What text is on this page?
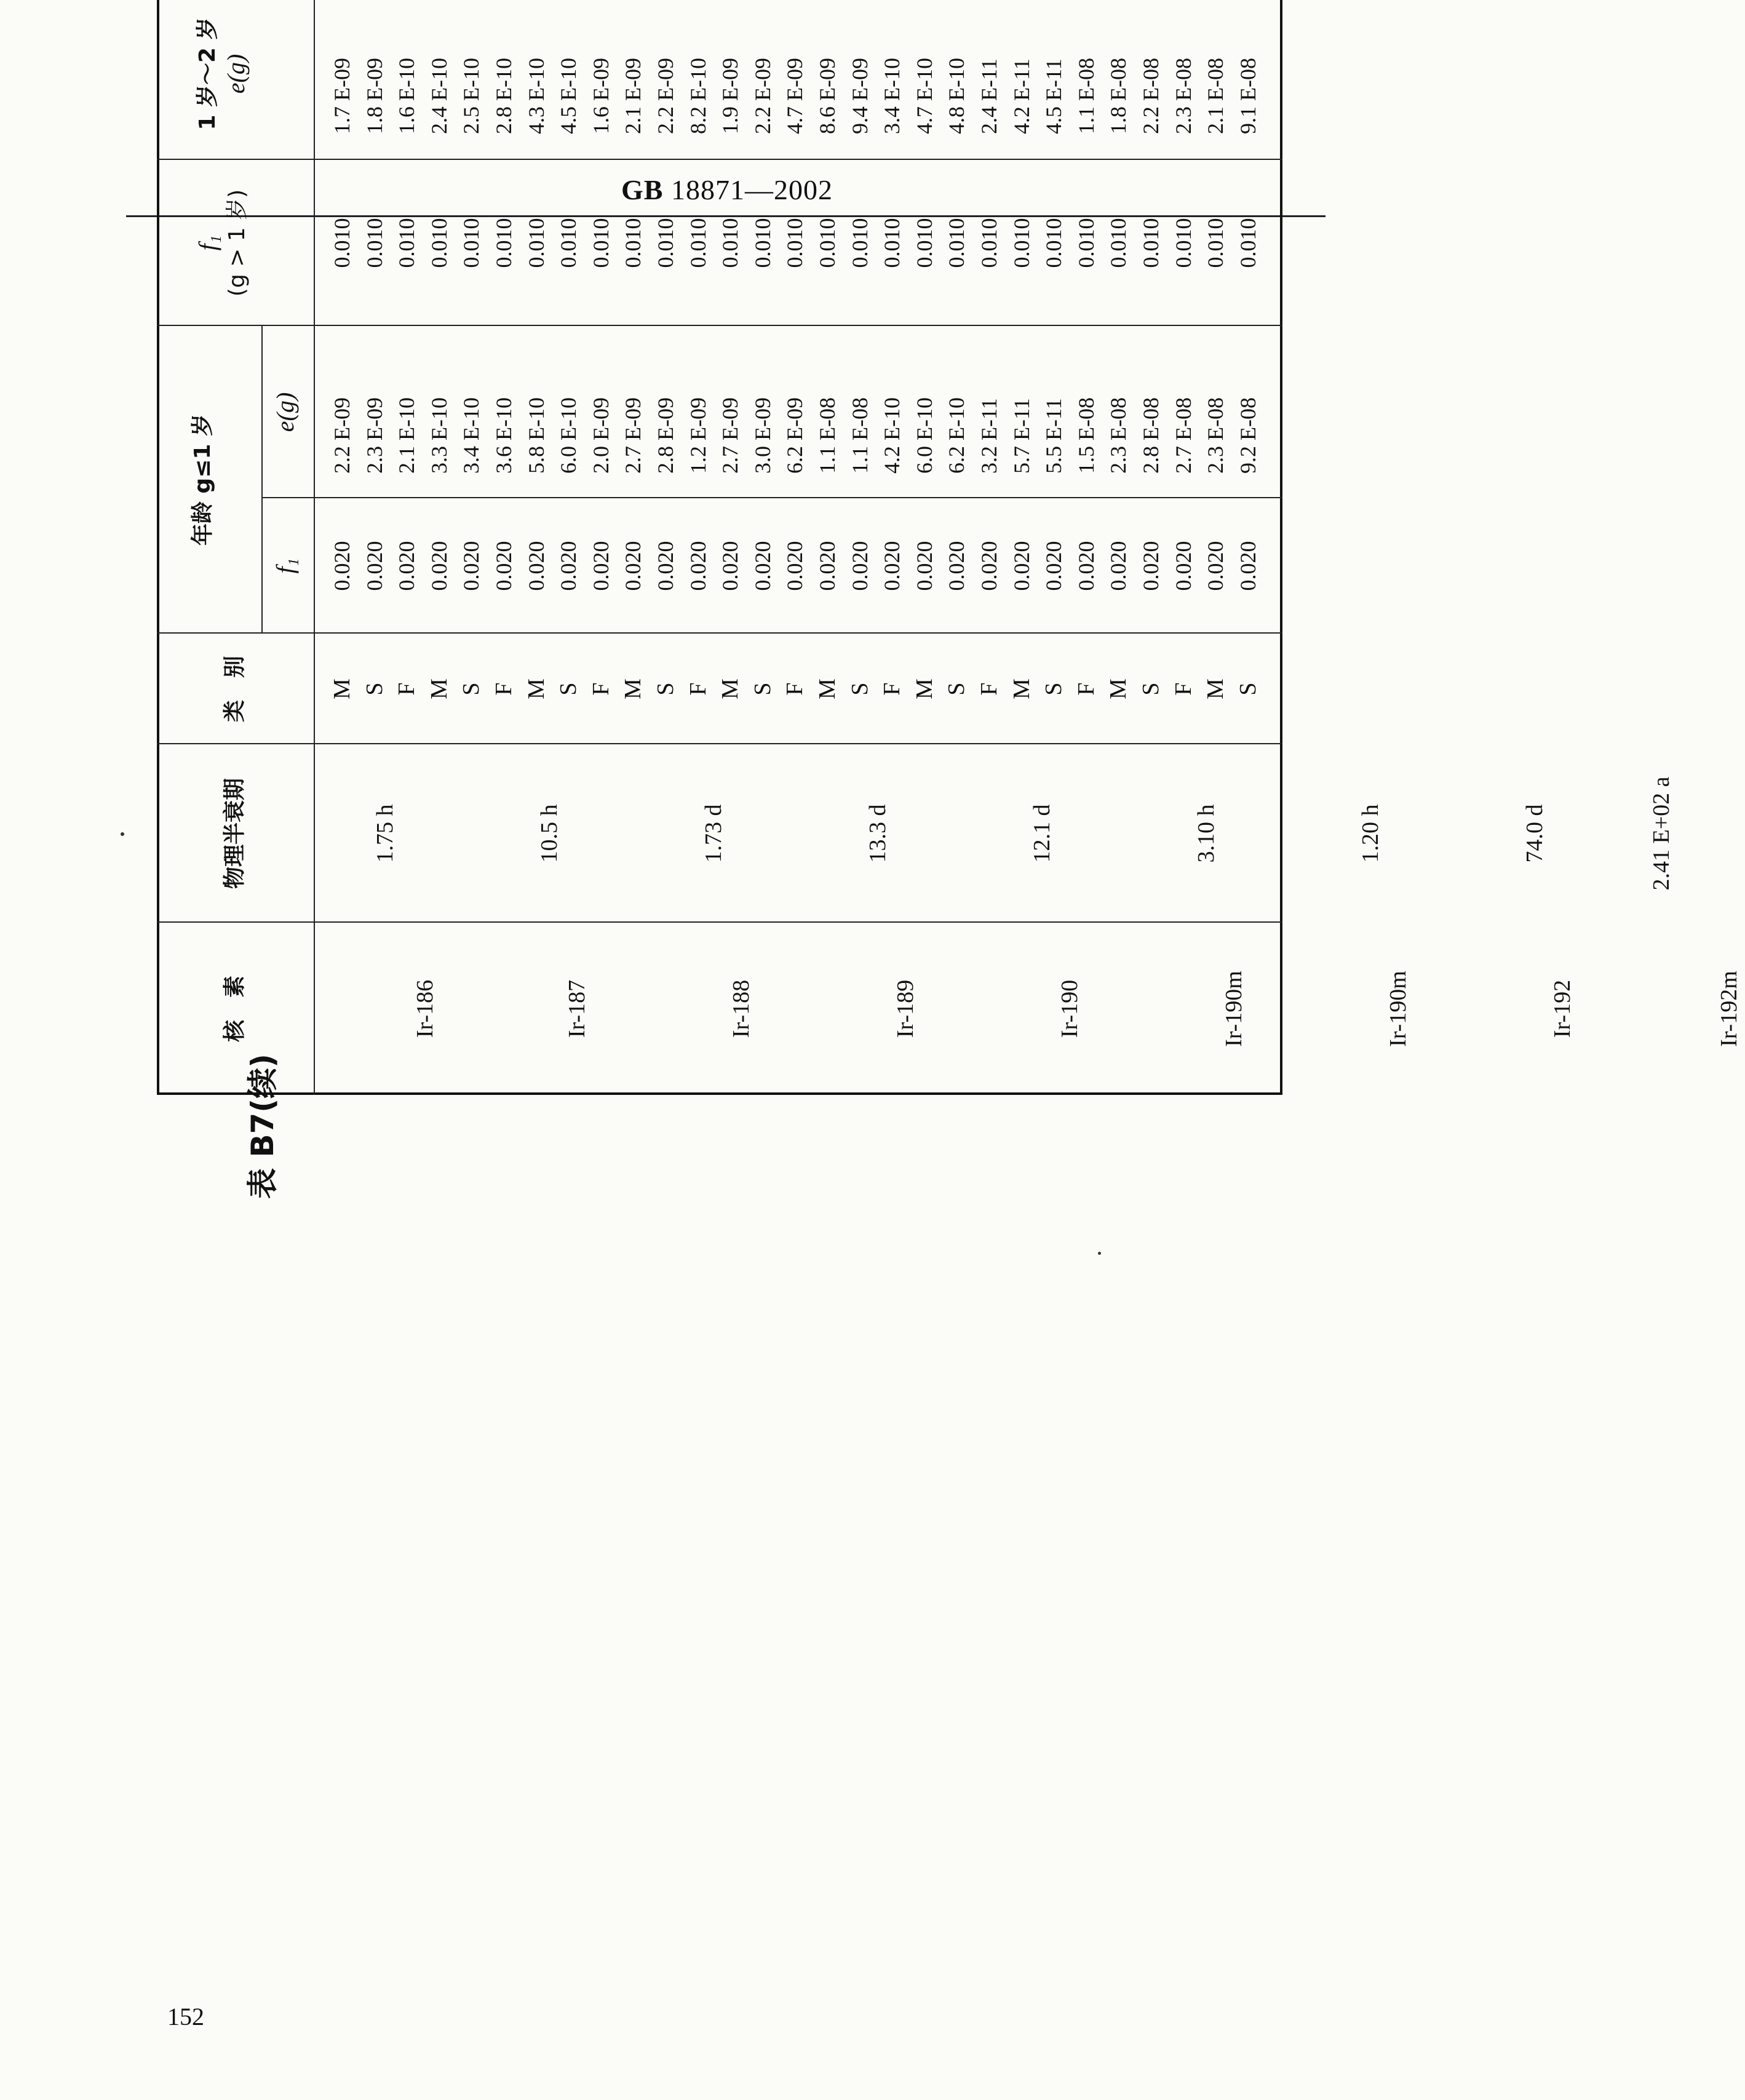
GB 18871—2002
表 B7(续)
核　素
物理半衰期
类　别
年龄 g≤1 岁
f₁
e(g)
f₁ (g > 1 岁)
1 岁～2 岁
e(g)

M
0.020
2.2 E-09
0.010
1.7 E-09
S
0.020
2.3 E-09
0.010
1.8 E-09
F
0.020
2.1 E-10
0.010
1.6 E-10
M
0.020
3.3 E-10
0.010
2.4 E-10
S
0.020
3.4 E-10
0.010
2.5 E-10
F
0.020
3.6 E-10
0.010
2.8 E-10
M
0.020
5.8 E-10
0.010
4.3 E-10
S
0.020
6.0 E-10
0.010
4.5 E-10
F
0.020
2.0 E-09
0.010
1.6 E-09
M
0.020
2.7 E-09
0.010
2.1 E-09
S
0.020
2.8 E-09
0.010
2.2 E-09
F
0.020
1.2 E-09
0.010
8.2 E-10
M
0.020
2.7 E-09
0.010
1.9 E-09
S
0.020
3.0 E-09
0.010
2.2 E-09
F
0.020
6.2 E-09
0.010
4.7 E-09
M
0.020
1.1 E-08
0.010
8.6 E-09
S
0.020
1.1 E-08
0.010
9.4 E-09
F
0.020
4.2 E-10
0.010
3.4 E-10
M
0.020
6.0 E-10
0.010
4.7 E-10
S
0.020
6.2 E-10
0.010
4.8 E-10
F
0.020
3.2 E-11
0.010
2.4 E-11
M
0.020
5.7 E-11
0.010
4.2 E-11
S
0.020
5.5 E-11
0.010
4.5 E-11
F
0.020
1.5 E-08
0.010
1.1 E-08
M
0.020
2.3 E-08
0.010
1.8 E-08
S
0.020
2.8 E-08
0.010
2.2 E-08
F
0.020
2.7 E-08
0.010
2.3 E-08
M
0.020
2.3 E-08
0.010
2.1 E-08
S
0.020
9.2 E-08
0.010
9.1 E-08
Ir-186
1.75 h
Ir-187
10.5 h
Ir-188
1.73 d
Ir-189
13.3 d
Ir-190
12.1 d
Ir-190m
3.10 h
Ir-190m
1.20 h
Ir-192
74.0 d
Ir-192m
2.41 E+02 a
152
